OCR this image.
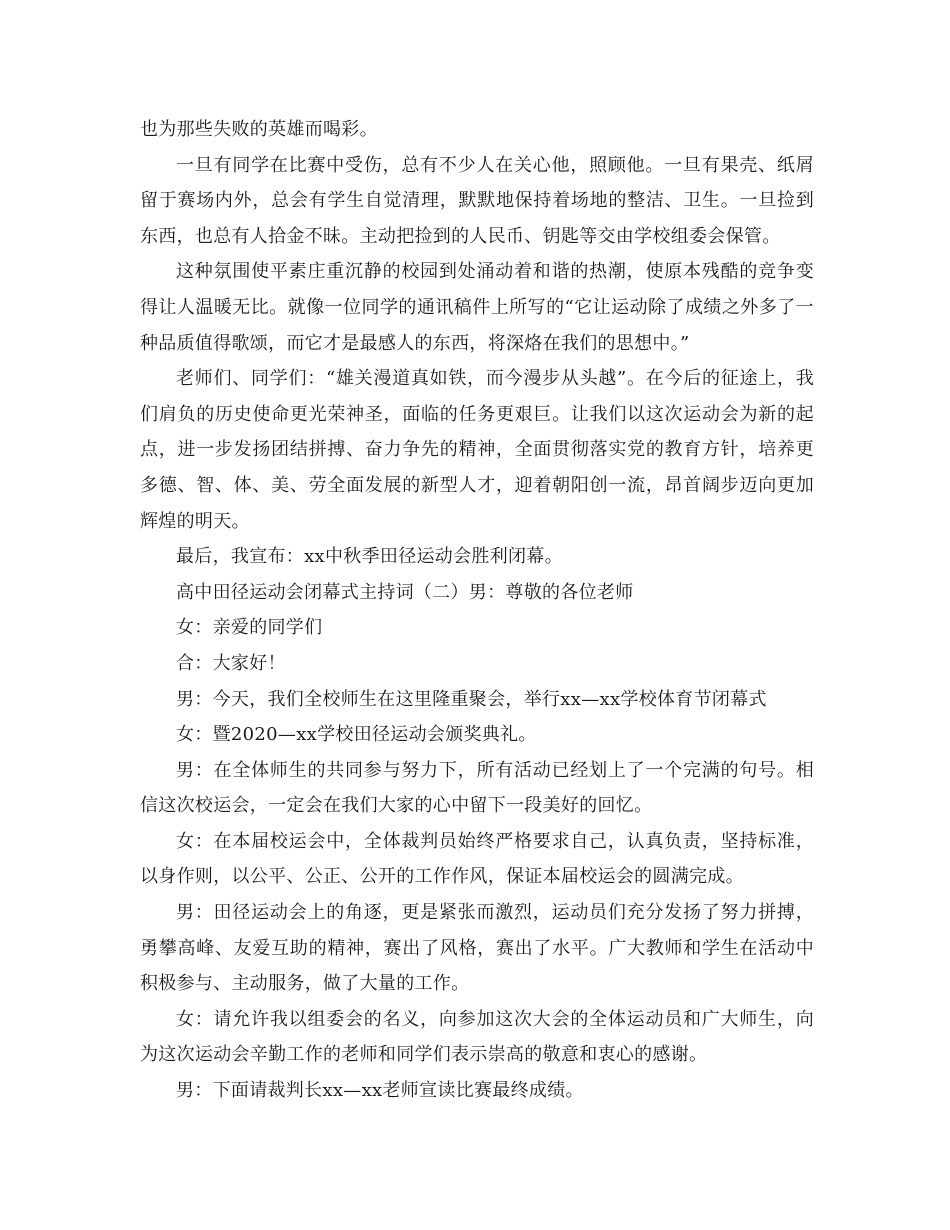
也为那些失败的英雄而喝彩。

一旦有同学在比赛中受伤，总有不少人在关心他，照顾他。一旦有果壳、纸屑留于赛场内外，总会有学生自觉清理，默默地保持着场地的整洁、卫生。一旦捡到东西，也总有人拾金不昧。主动把捡到的人民币、钥匙等交由学校组委会保管。

这种氛围使平素庄重沉静的校园到处涌动着和谐的热潮，使原本残酷的竞争变得让人温暖无比。就像一位同学的通讯稿件上所写的“它让运动除了成绩之外多了一种品质值得歌颂，而它才是最感人的东西，将深烙在我们的思想中。”

老师们、同学们：“雄关漫道真如铁，而今漫步从头越”。在今后的征途上，我们肩负的历史使命更光荣神圣，面临的任务更艰巨。让我们以这次运动会为新的起点，进一步发扬团结拼搏、奋力争先的精神，全面贯彻落实党的教育方针，培养更多德、智、体、美、劳全面发展的新型人才，迎着朝阳创一流，昂首阔步迈向更加辉煌的明天。

最后，我宣布：xx中秋季田径运动会胜利闭幕。

高中田径运动会闭幕式主持词（二）男：尊敬的各位老师

女：亲爱的同学们

合：大家好！

男：今天，我们全校师生在这里隆重聚会，举行xx—xx学校体育节闭幕式

女：暨2020—xx学校田径运动会颁奖典礼。

男：在全体师生的共同参与努力下，所有活动已经划上了一个完满的句号。相信这次校运会，一定会在我们大家的心中留下一段美好的回忆。

女：在本届校运会中，全体裁判员始终严格要求自己，认真负责，坚持标准，以身作则，以公平、公正、公开的工作作风，保证本届校运会的圆满完成。

男：田径运动会上的角逐，更是紧张而激烈，运动员们充分发扬了努力拼搏，勇攀高峰、友爱互助的精神，赛出了风格，赛出了水平。广大教师和学生在活动中积极参与、主动服务，做了大量的工作。

女：请允许我以组委会的名义，向参加这次大会的全体运动员和广大师生，向为这次运动会辛勤工作的老师和同学们表示崇高的敬意和衷心的感谢。

男：下面请裁判长xx—xx老师宣读比赛最终成绩。
